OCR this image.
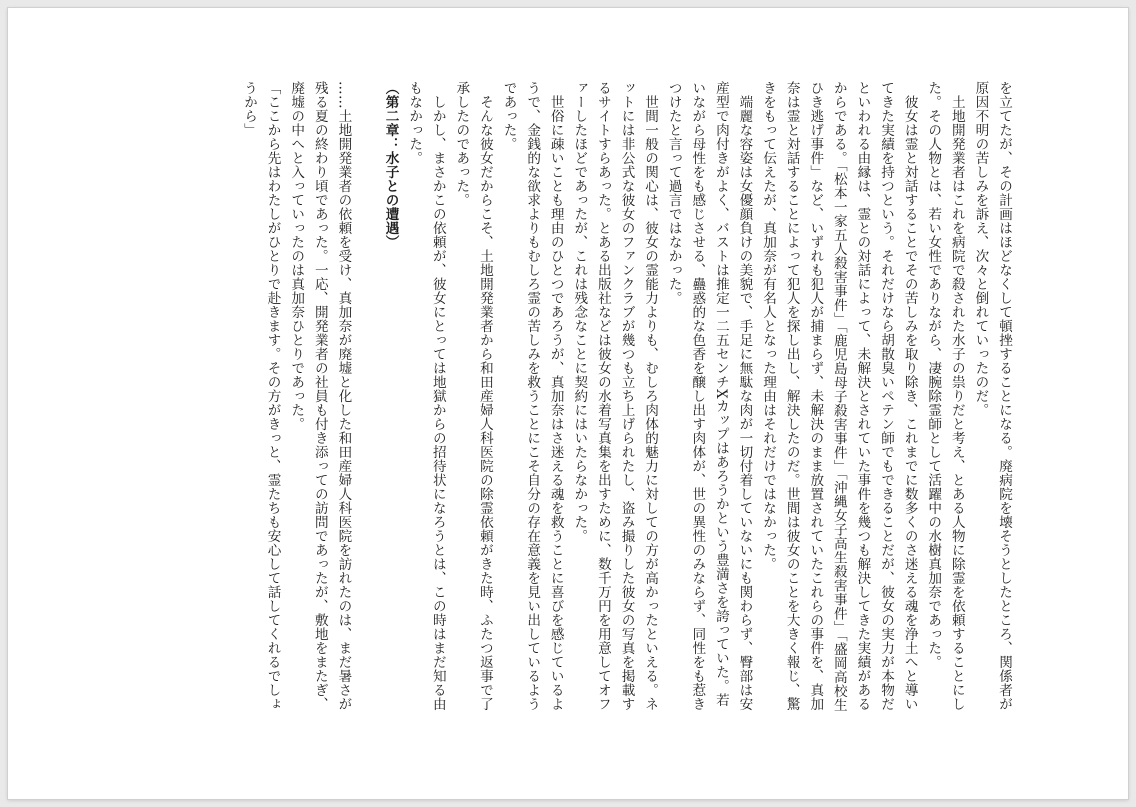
を立てたが、その計画はほどなくして頓挫することになる。廃病院を壊そうとしたところ、関係者が原因不明の苦しみを訴え、次々と倒れていったのだ。

　土地開発業者はこれを病院で殺された水子の祟りだと考え、とある人物に除霊を依頼することにした。その人物とは、若い女性でありながら、凄腕除霊師として活躍中の水樹真加奈であった。

　彼女は霊と対話することでその苦しみを取り除き、これまでに数多くのさ迷える魂を浄土へと導いてきた実績を持つという。それだけなら胡散臭いペテン師でもできることだが、彼女の実力が本物だといわれる由縁は、霊との対話によって、未解決とされていた事件を幾つも解決してきた実績があるからである。「松本一家五人殺害事件」「鹿児島母子殺害事件」「沖縄女子高生殺害事件」「盛岡高校生ひき逃げ事件」など、いずれも犯人が捕まらず、未解決のまま放置されていたこれらの事件を、真加奈は霊と対話することによって犯人を探し出し、解決したのだ。世間は彼女のことを大きく報じ、驚きをもって伝えたが、真加奈が有名人となった理由はそれだけではなかった。

　端麗な容姿は女優顔負けの美貌で、手足に無駄な肉が一切付着していないにも関わらず、臀部は安産型で肉付きがよく、バストは推定一二五センチXカップはあろうかという豊満さを誇っていた。若いながら母性をも感じさせる、蠱惑的な色香を醸し出す肉体が、世の異性のみならず、同性をも惹きつけたと言って過言ではなかった。

　世間一般の関心は、彼女の霊能力よりも、むしろ肉体的魅力に対しての方が高かったといえる。ネットには非公式な彼女のファンクラブが幾つも立ち上げられたし、盗み撮りした彼女の写真を掲載するサイトすらあった。とある出版社などは彼女の水着写真集を出すために、数千万円を用意してオファーしたほどであったが、これは残念なことに契約にはいたらなかった。

　世俗に疎いことも理由のひとつであろうが、真加奈はさ迷える魂を救うことに喜びを感じているようで、金銭的な欲求よりもむしろ霊の苦しみを救うことにこそ自分の存在意義を見い出しているようであった。

　そんな彼女だからこそ、土地開発業者から和田産婦人科医院の除霊依頼がきた時、ふたつ返事で了承したのであった。

　しかし、まさかこの依頼が、彼女にとっては地獄からの招待状になろうとは、この時はまだ知る由もなかった。

（第二章：水子との遭遇）

……土地開発業者の依頼を受け、真加奈が廃墟と化した和田産婦人科医院を訪れたのは、まだ暑さが残る夏の終わり頃であった。一応、開発業者の社員も付き添っての訪問であったが、敷地をまたぎ、廃墟の中へと入っていったのは真加奈ひとりであった。

「ここから先はわたしがひとりで赴きます。その方がきっと、霊たちも安心して話してくれるでしょうから」
